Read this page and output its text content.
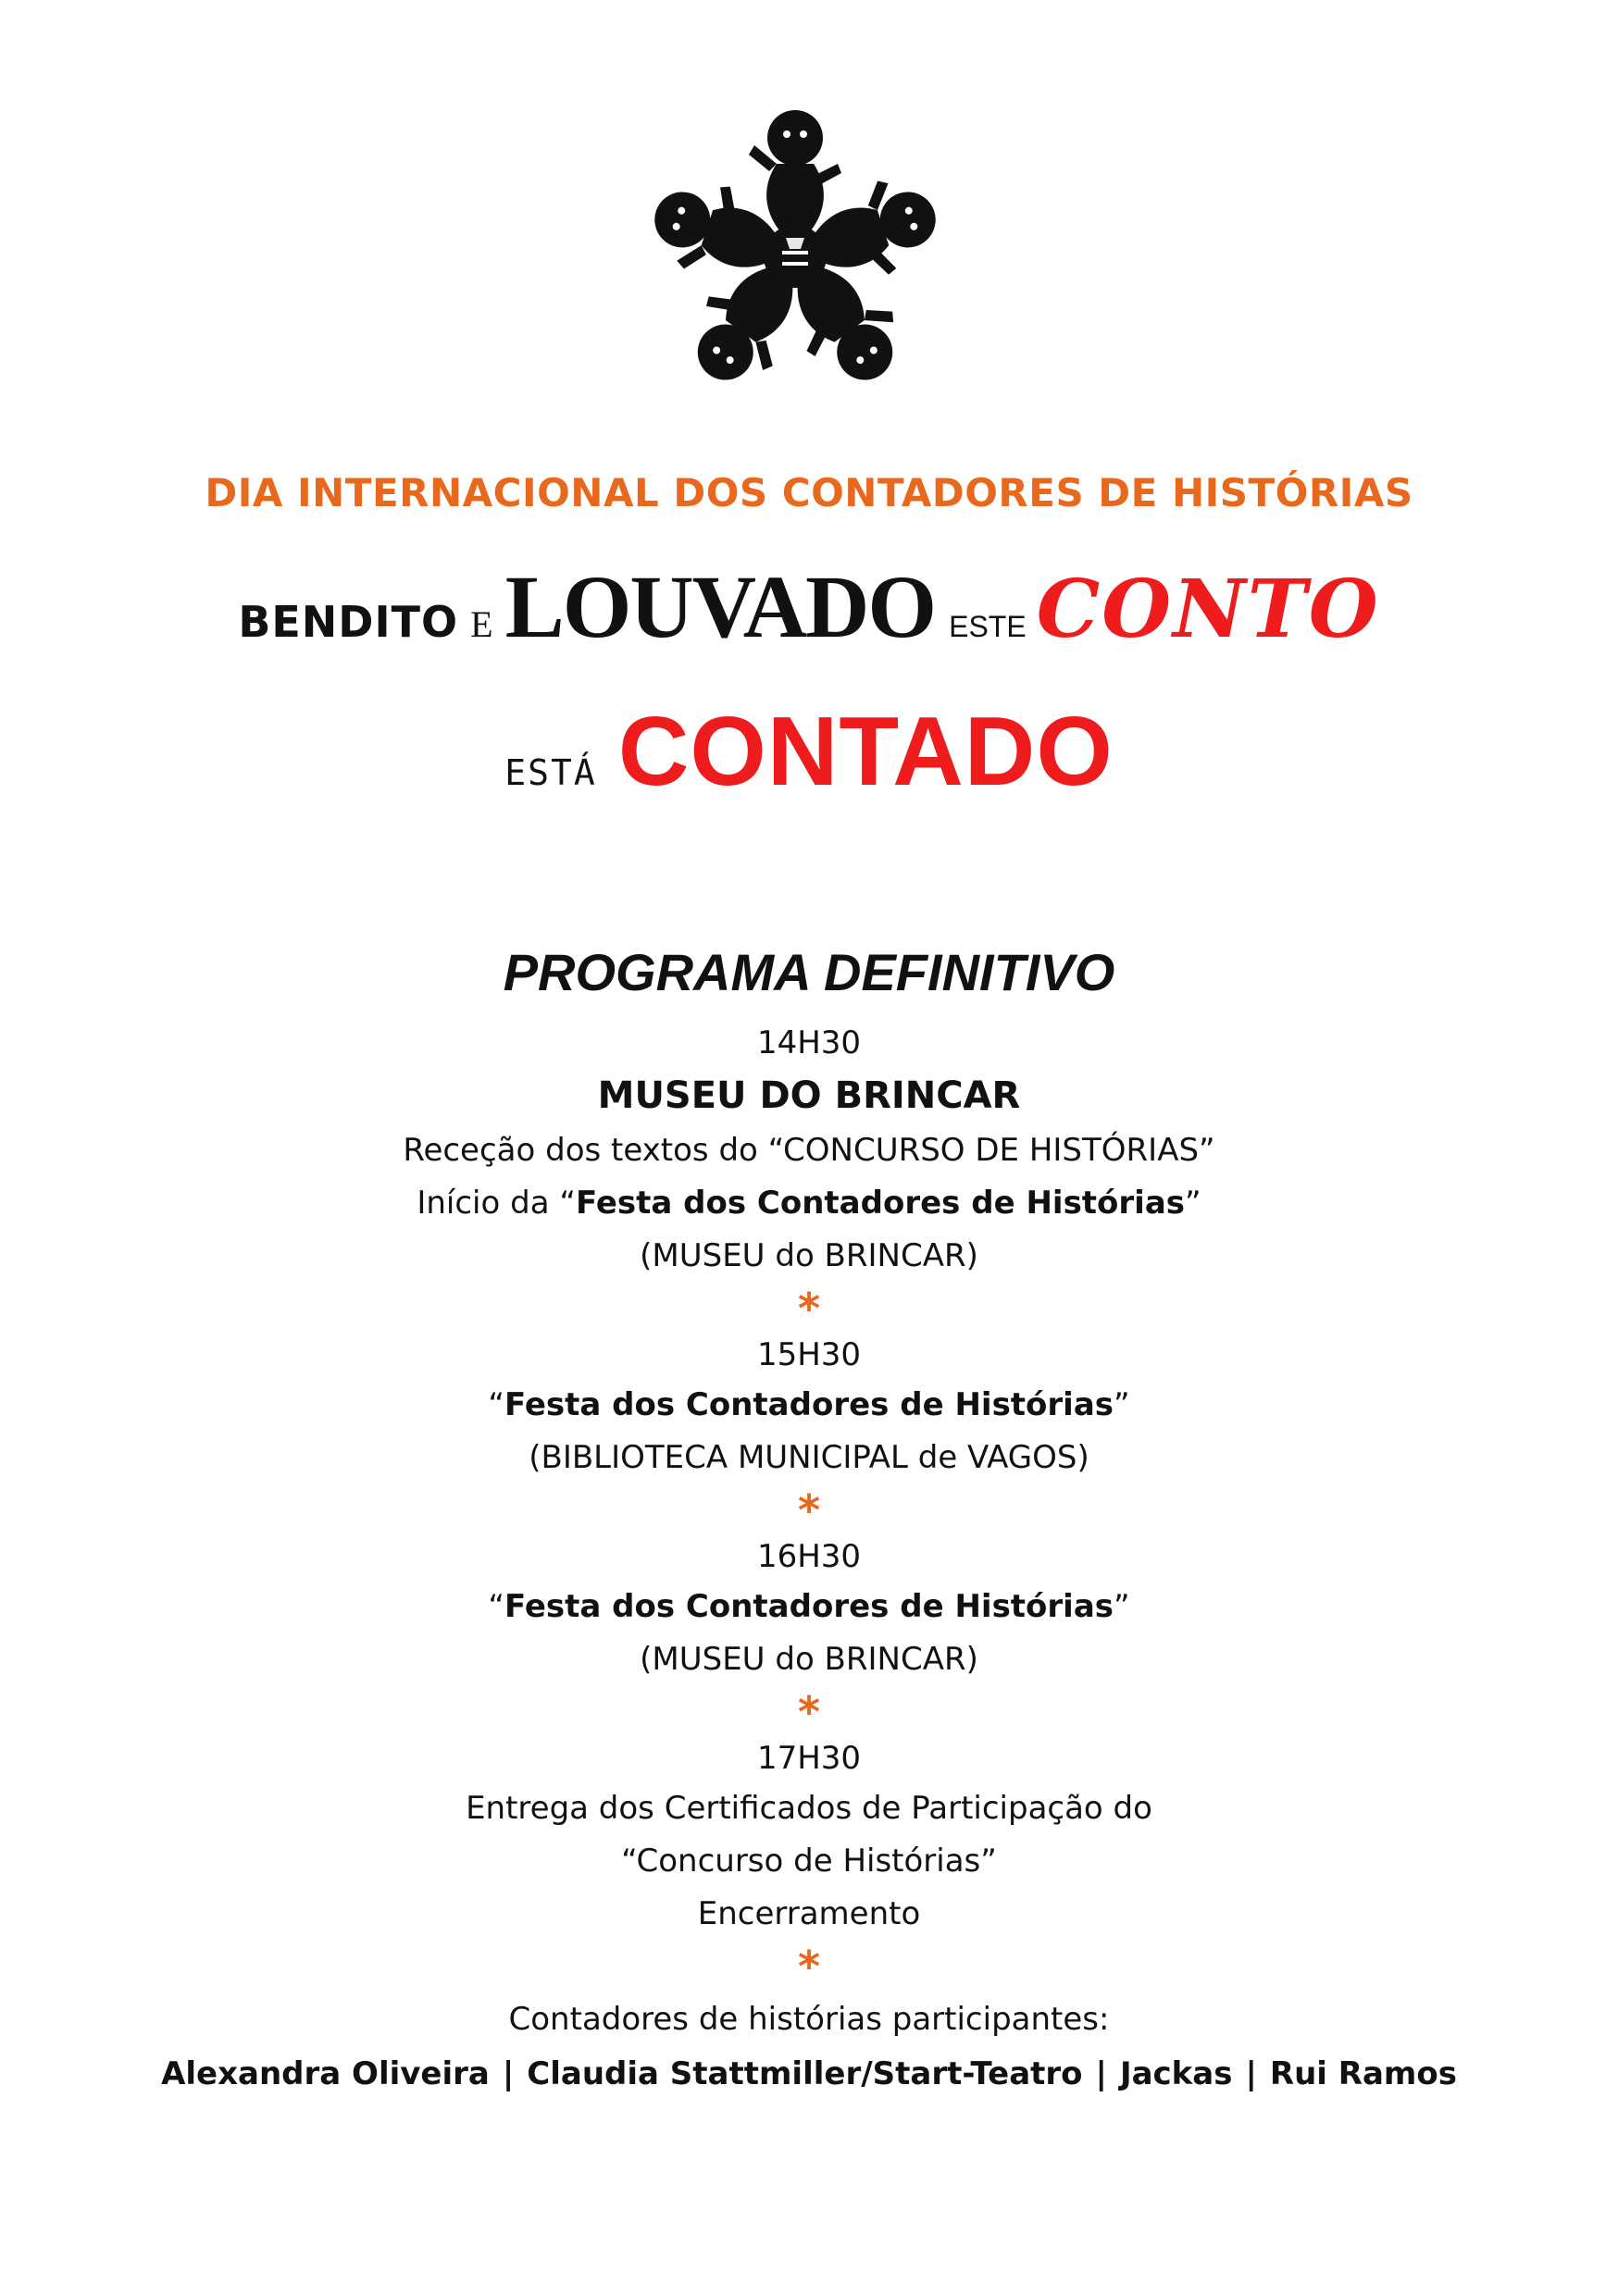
DIA INTERNACIONAL DOS CONTADORES DE HISTÓRIAS
BENDITO E LOUVADO ESTE CONTO
ESTÁ CONTADO
PROGRAMA DEFINITIVO
14H30
MUSEU DO BRINCAR
Receção dos textos do “CONCURSO DE HISTÓRIAS”
Início da “Festa dos Contadores de Histórias”
(MUSEU do BRINCAR)
*
15H30
“Festa dos Contadores de Histórias”
(BIBLIOTECA MUNICIPAL de VAGOS)
*
16H30
“Festa dos Contadores de Histórias”
(MUSEU do BRINCAR)
*
17H30
Entrega dos Certificados de Participação do
“Concurso de Histórias”
Encerramento
*
Contadores de histórias participantes:
Alexandra Oliveira | Claudia Stattmiller/Start-Teatro | Jackas | Rui Ramos
